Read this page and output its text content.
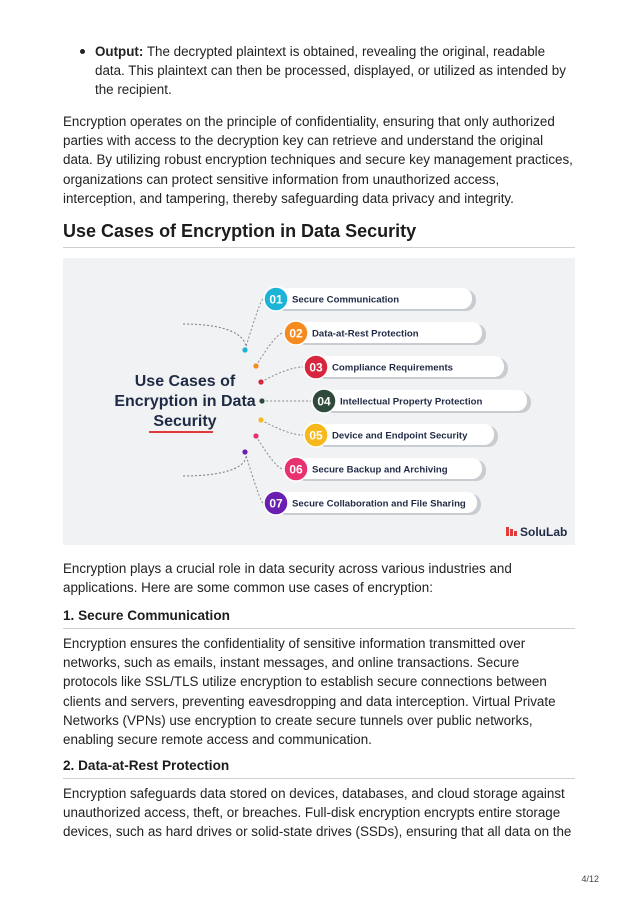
Output: The decrypted plaintext is obtained, revealing the original, readable data. This plaintext can then be processed, displayed, or utilized as intended by the recipient.

Encryption operates on the principle of confidentiality, ensuring that only authorized parties with access to the decryption key can retrieve and understand the original data. By utilizing robust encryption techniques and secure key management practices, organizations can protect sensitive information from unauthorized access, interception, and tampering, thereby safeguarding data privacy and integrity.

Use Cases of Encryption in Data Security
01 Secure Communication
02 Data-at-Rest Protection
03 Compliance Requirements
04 Intellectual Property Protection
05 Device and Endpoint Security
06 Secure Backup and Archiving
07 Secure Collaboration and File Sharing
Use Cases of
Encryption in Data
Security
SoluLab

Encryption plays a crucial role in data security across various industries and applications. Here are some common use cases of encryption:

1. Secure Communication

Encryption ensures the confidentiality of sensitive information transmitted over networks, such as emails, instant messages, and online transactions. Secure protocols like SSL/TLS utilize encryption to establish secure connections between clients and servers, preventing eavesdropping and data interception. Virtual Private Networks (VPNs) use encryption to create secure tunnels over public networks, enabling secure remote access and communication.

2. Data-at-Rest Protection

Encryption safeguards data stored on devices, databases, and cloud storage against unauthorized access, theft, or breaches. Full-disk encryption encrypts entire storage devices, such as hard drives or solid-state drives (SSDs), ensuring that all data on the

4/12
